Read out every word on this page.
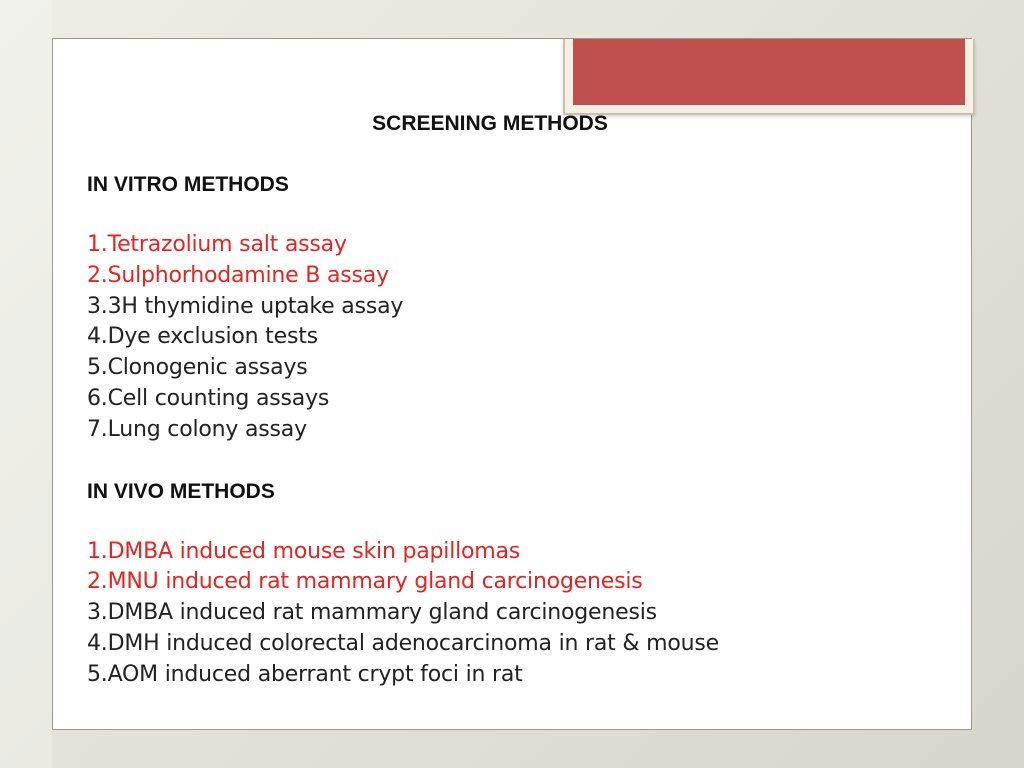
SCREENING METHODS
IN VITRO METHODS
1.Tetrazolium salt assay
2.Sulphorhodamine B assay
3.3H thymidine uptake assay
4.Dye exclusion tests
5.Clonogenic assays
6.Cell counting assays
7.Lung colony assay
IN VIVO METHODS
1.DMBA induced mouse skin papillomas
2.MNU induced rat mammary gland carcinogenesis
3.DMBA induced rat mammary gland carcinogenesis
4.DMH induced colorectal adenocarcinoma in rat & mouse
5.AOM induced aberrant crypt foci in rat
